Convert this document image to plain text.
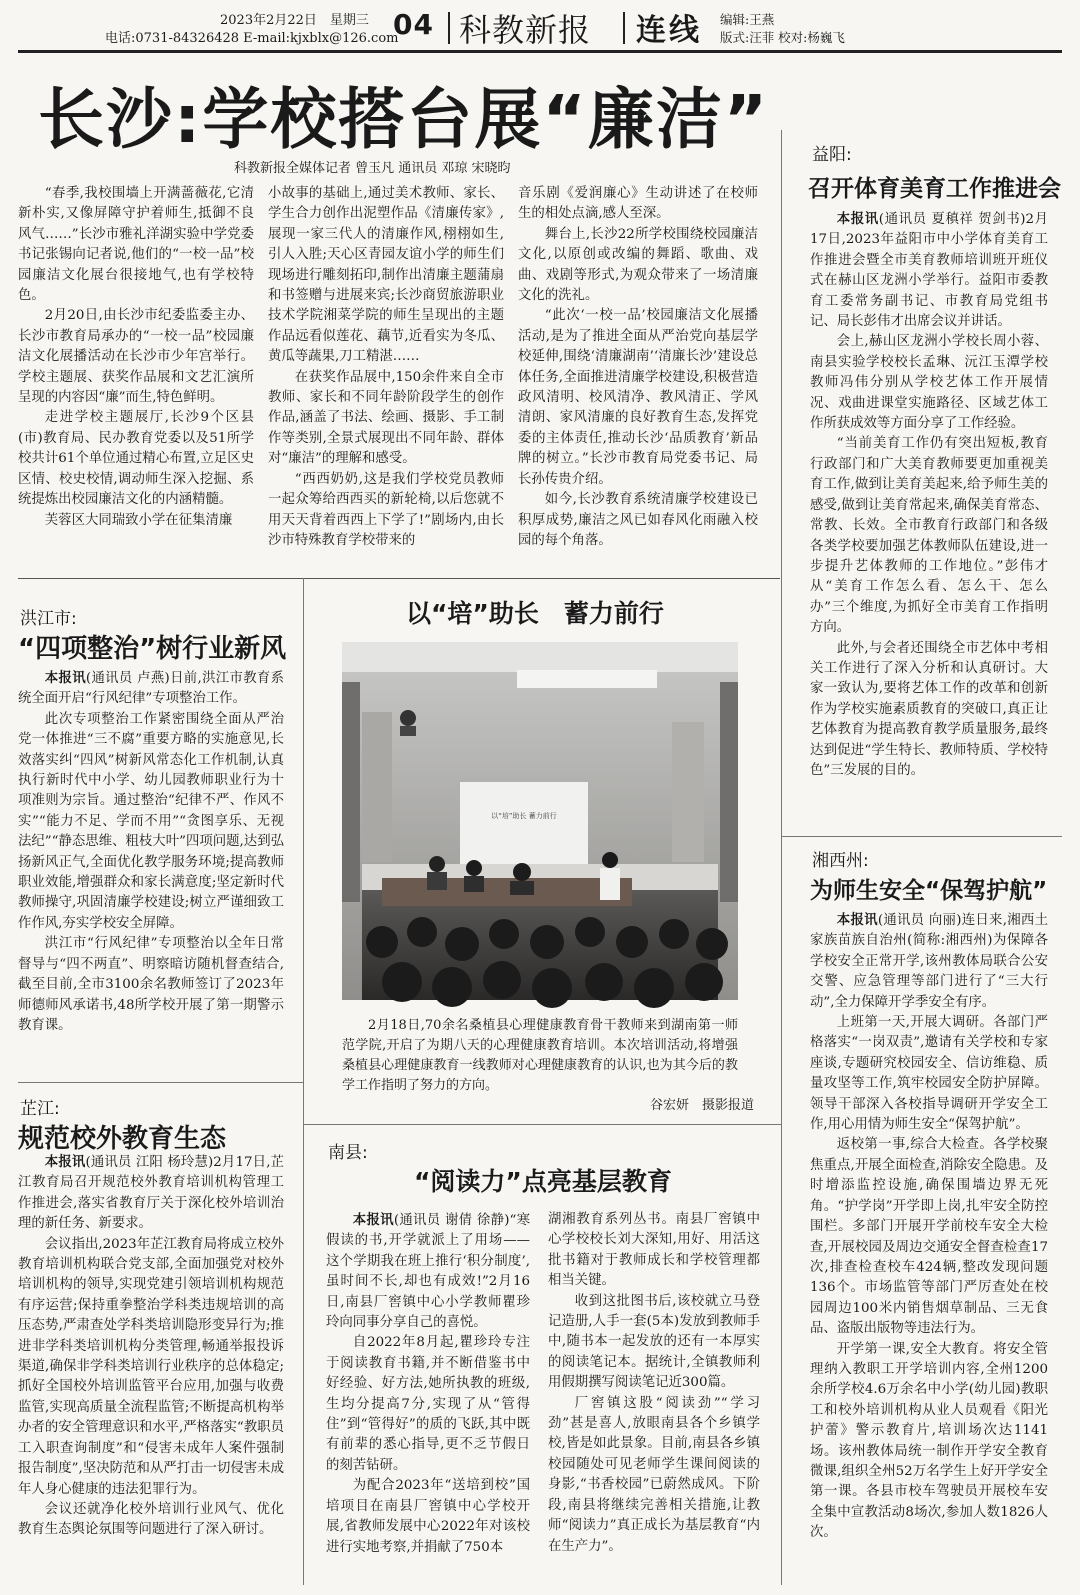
2023年2月22日　星期三
电话:0731-84326428 E-mail:kjxblx@126.com
04 科教新报 连线 编辑:王燕
版式:汪菲 校对:杨巍飞
长沙:学校搭台展“廉洁”
科教新报全媒体记者 曾玉凡 通讯员 邓琼 宋晓昀

“春季,我校围墙上开满蔷薇花,它清新朴实,又像屏障守护着师生,抵御不良风气……”长沙市雅礼洋湖实验中学党委书记张锡向记者说,他们的“一校一品”校园廉洁文化展台很接地气,也有学校特色。

2月20日,由长沙市纪委监委主办、长沙市教育局承办的“一校一品”校园廉洁文化展播活动在长沙市少年宫举行。学校主题展、获奖作品展和文艺汇演所呈现的内容因“廉”而生,特色鲜明。

走进学校主题展厅,长沙9个区县(市)教育局、民办教育党委以及51所学校共计61个单位通过精心布置,立足区史区情、校史校情,调动师生深入挖掘、系统提炼出校园廉洁文化的内涵精髓。

芙蓉区大同瑞致小学在征集清廉

小故事的基础上,通过美术教师、家长、学生合力创作出泥塑作品《清廉传家》,展现一家三代人的清廉作风,栩栩如生,引人入胜;天心区青园友谊小学的师生们现场进行雕刻拓印,制作出清廉主题蒲扇和书签赠与进展来宾;长沙商贸旅游职业技术学院湘菜学院的师生呈现出的主题作品远看似莲花、藕节,近看实为冬瓜、黄瓜等蔬果,刀工精湛……

在获奖作品展中,150余件来自全市教师、家长和不同年龄阶段学生的创作作品,涵盖了书法、绘画、摄影、手工制作等类别,全景式展现出不同年龄、群体对“廉洁”的理解和感受。

“西西奶奶,这是我们学校党员教师一起众筹给西西买的新轮椅,以后您就不用天天背着西西上下学了!”剧场内,由长沙市特殊教育学校带来的

音乐剧《爱润廉心》生动讲述了在校师生的相处点滴,感人至深。

舞台上,长沙22所学校围绕校园廉洁文化,以原创或改编的舞蹈、歌曲、戏曲、戏剧等形式,为观众带来了一场清廉文化的洗礼。

“此次‘一校一品’校园廉洁文化展播活动,是为了推进全面从严治党向基层学校延伸,围绕‘清廉湖南’‘清廉长沙’建设总体任务,全面推进清廉学校建设,积极营造政风清明、校风清净、教风清正、学风清朗、家风清廉的良好教育生态,发挥党委的主体责任,推动长沙‘品质教育’新品牌的树立。”长沙市教育局党委书记、局长孙传贵介绍。

如今,长沙教育系统清廉学校建设已积厚成势,廉洁之风已如春风化雨融入校园的每个角落。

洪江市:
“四项整治”树行业新风

本报讯(通讯员 卢燕)日前,洪江市教育系统全面开启“行风纪律”专项整治工作。

此次专项整治工作紧密围绕全面从严治党一体推进“三不腐”重要方略的实施意见,长效落实纠“四风”树新风常态化工作机制,认真执行新时代中小学、幼儿园教师职业行为十项准则为宗旨。通过整治“纪律不严、作风不实”“能力不足、学而不用”“贪图享乐、无视法纪”“静态思维、粗枝大叶”四项问题,达到弘扬新风正气,全面优化教学服务环境;提高教师职业效能,增强群众和家长满意度;坚定新时代教师操守,巩固清廉学校建设;树立严谨细致工作作风,夯实学校安全屏障。

洪江市“行风纪律”专项整治以全年日常督导与“四不两直”、明察暗访随机督查结合,截至目前,全市3100余名教师签订了2023年师德师风承诺书,48所学校开展了第一期警示教育课。

芷江:
规范校外教育生态

本报讯(通讯员 江阳 杨玲慧)2月17日,芷江教育局召开规范校外教育培训机构管理工作推进会,落实省教育厅关于深化校外培训治理的新任务、新要求。

会议指出,2023年芷江教育局将成立校外教育培训机构联合党支部,全面加强党对校外培训机构的领导,实现党建引领培训机构规范有序运营;保持重拳整治学科类违规培训的高压态势,严肃查处学科类培训隐形变异行为;推进非学科类培训机构分类管理,畅通举报投诉渠道,确保非学科类培训行业秩序的总体稳定;抓好全国校外培训监管平台应用,加强与收费监管,实现高质量全流程监管;不断提高机构举办者的安全管理意识和水平,严格落实“教职员工入职查询制度”和“侵害未成年人案件强制报告制度”,坚决防范和从严打击一切侵害未成年人身心健康的违法犯罪行为。

会议还就净化校外培训行业风气、优化教育生态舆论氛围等问题进行了深入研讨。

以“培”助长　蓄力前行
以“培”助长 蓄力前行

2月18日,70余名桑植县心理健康教育骨干教师来到湖南第一师范学院,开启了为期八天的心理健康教育培训。本次培训活动,将增强桑植县心理健康教育一线教师对心理健康教育的认识,也为其今后的教学工作指明了努力的方向。

谷宏妍　摄影报道
南县:
“阅读力”点亮基层教育

本报讯(通讯员 谢倩 徐静)“寒假读的书,开学就派上了用场——这个学期我在班上推行‘积分制度’,虽时间不长,却也有成效!”2月16日,南县厂窖镇中心小学教师瞿珍玲向同事分享自己的喜悦。

自2022年8月起,瞿珍玲专注于阅读教育书籍,并不断借鉴书中好经验、好方法,她所执教的班级,生均分提高7分,实现了从“管得住”到“管得好”的质的飞跃,其中既有前辈的悉心指导,更不乏节假日的刻苦钻研。

为配合2023年“送培到校”国培项目在南县厂窖镇中心学校开展,省教师发展中心2022年对该校进行实地考察,并捐献了750本

湖湘教育系列丛书。南县厂窖镇中心学校校长刘大深知,用好、用活这批书籍对于教师成长和学校管理都相当关键。

收到这批图书后,该校就立马登记造册,人手一套(5本)发放到教师手中,随书本一起发放的还有一本厚实的阅读笔记本。据统计,全镇教师利用假期撰写阅读笔记近300篇。

厂窖镇这股“阅读劲”“学习劲”甚是喜人,放眼南县各个乡镇学校,皆是如此景象。目前,南县各乡镇校园随处可见老师学生课间阅读的身影,“书香校园”已蔚然成风。下阶段,南县将继续完善相关措施,让教师“阅读力”真正成长为基层教育“内在生产力”。

益阳:
召开体育美育工作推进会

本报讯(通讯员 夏稹祥 贺剑书)2月17日,2023年益阳市中小学体育美育工作推进会暨全市美育教师培训班开班仪式在赫山区龙洲小学举行。益阳市委教育工委常务副书记、市教育局党组书记、局长彭伟才出席会议并讲话。

会上,赫山区龙洲小学校长周小蓉、南县实验学校校长孟琳、沅江玉潭学校教师冯伟分别从学校艺体工作开展情况、戏曲进课堂实施路径、区域艺体工作所获成效等方面分享了工作经验。

“当前美育工作仍有突出短板,教育行政部门和广大美育教师要更加重视美育工作,做到让美育美起来,给予师生美的感受,做到让美育常起来,确保美育常态、常教、长效。全市教育行政部门和各级各类学校要加强艺体教师队伍建设,进一步提升艺体教师的工作地位。”彭伟才从“美育工作怎么看、怎么干、怎么办”三个维度,为抓好全市美育工作指明方向。

此外,与会者还围绕全市艺体中考相关工作进行了深入分析和认真研讨。大家一致认为,要将艺体工作的改革和创新作为学校实施素质教育的突破口,真正让艺体教育为提高教育教学质量服务,最终达到促进“学生特长、教师特质、学校特色”三发展的目的。

湘西州:
为师生安全“保驾护航”

本报讯(通讯员 向丽)连日来,湘西土家族苗族自治州(简称:湘西州)为保障各学校安全正常开学,该州教体局联合公安交警、应急管理等部门进行了“三大行动”,全力保障开学季安全有序。

上班第一天,开展大调研。各部门严格落实“一岗双责”,邀请有关学校和专家座谈,专题研究校园安全、信访维稳、质量攻坚等工作,筑牢校园安全防护屏障。领导干部深入各校指导调研开学安全工作,用心用情为师生安全“保驾护航”。

返校第一事,综合大检查。各学校聚焦重点,开展全面检查,消除安全隐患。及时增添监控设施,确保围墙边界无死角。“护学岗”开学即上岗,扎牢安全防控围栏。多部门开展开学前校车安全大检查,开展校园及周边交通安全督查检查17次,排查检查校车424辆,整改发现问题136个。市场监管等部门严厉查处在校园周边100米内销售烟草制品、三无食品、盗版出版物等违法行为。

开学第一课,安全大教育。将安全管理纳入教职工开学培训内容,全州1200余所学校4.6万余名中小学(幼儿园)教职工和校外培训机构从业人员观看《阳光护蕾》警示教育片,培训场次达1141场。该州教体局统一制作开学安全教育微课,组织全州52万名学生上好开学安全第一课。各县市校车驾驶员开展校车安全集中宣教活动8场次,参加人数1826人次。
